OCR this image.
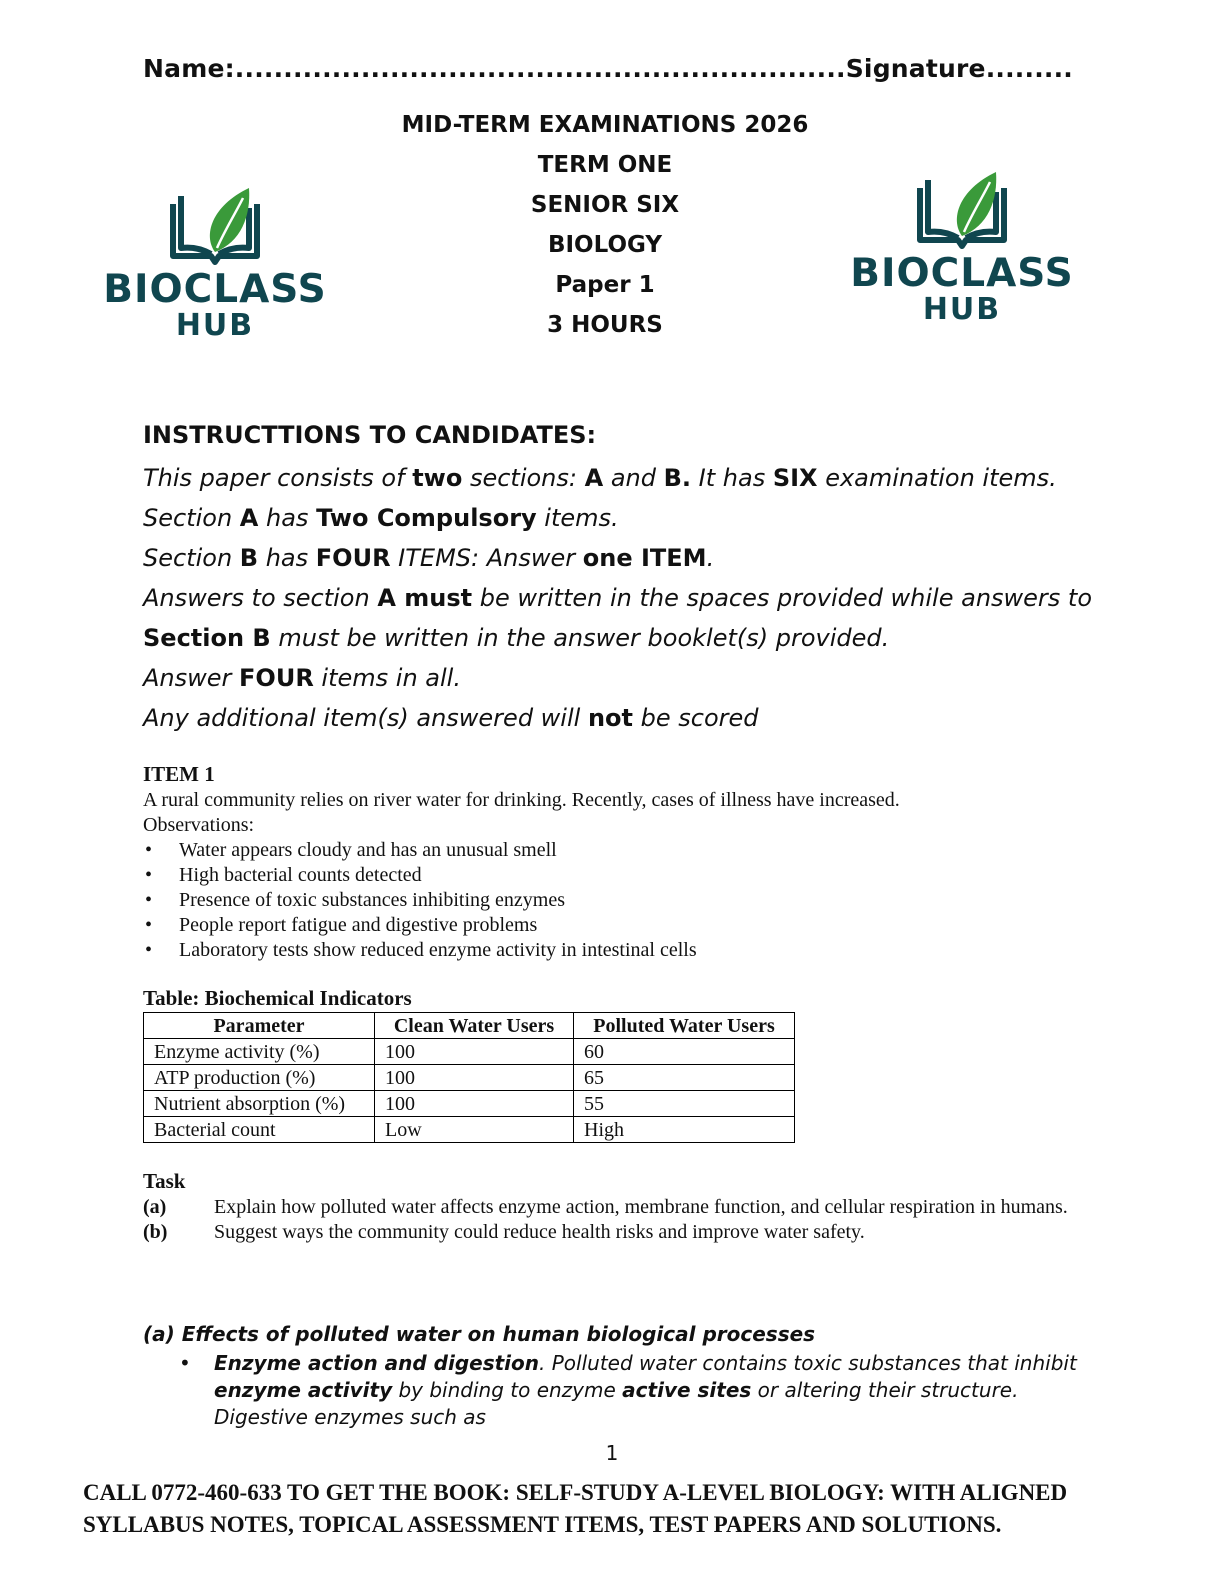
Name:...............................................................Signature.........
MID-TERM EXAMINATIONS 2026
TERM ONE
SENIOR SIX
BIOLOGY
Paper 1
3 HOURS
BIOCLASS
HUB
BIOCLASS
HUB
INSTRUCTTIONS TO CANDIDATES:
This paper consists of two sections: A and B. It has SIX examination items.
Section A has Two Compulsory items.
Section B has FOUR ITEMS: Answer one ITEM.
Answers to section A must be written in the spaces provided while answers to
Section B must be written in the answer booklet(s) provided.
Answer FOUR items in all.
Any additional item(s) answered will not be scored
ITEM 1
A rural community relies on river water for drinking. Recently, cases of illness have increased.
Observations:
• Water appears cloudy and has an unusual smell
• High bacterial counts detected
• Presence of toxic substances inhibiting enzymes
• People report fatigue and digestive problems
• Laboratory tests show reduced enzyme activity in intestinal cells
Table: Biochemical Indicators
Parameter	Clean Water Users	Polluted Water Users
Enzyme activity (%)	100	60
ATP production (%)	100	65
Nutrient absorption (%)	100	55
Bacterial count	Low	High
Task
(a) Explain how polluted water affects enzyme action, membrane function, and cellular respiration in humans.
(b) Suggest ways the community could reduce health risks and improve water safety.
(a) Effects of polluted water on human biological processes
• Enzyme action and digestion. Polluted water contains toxic substances that inhibit enzyme activity by binding to enzyme active sites or altering their structure. Digestive enzymes such as
1
CALL 0772-460-633 TO GET THE BOOK: SELF-STUDY A-LEVEL BIOLOGY: WITH ALIGNED
SYLLABUS NOTES, TOPICAL ASSESSMENT ITEMS, TEST PAPERS AND SOLUTIONS.
